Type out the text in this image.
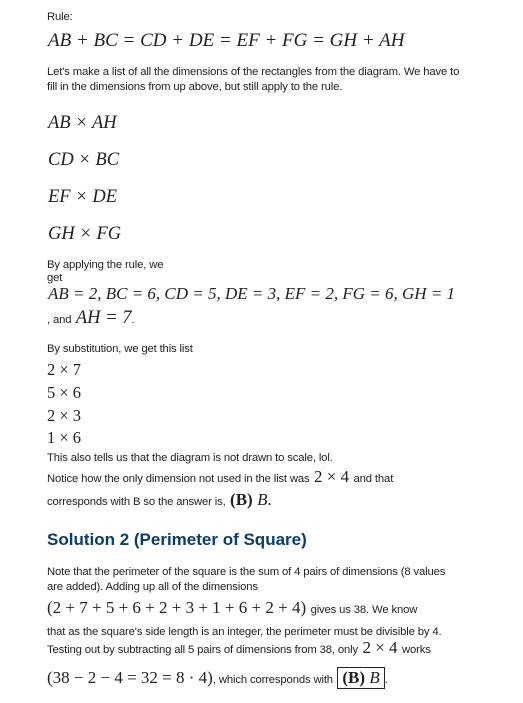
Rule:
AB + BC = CD + DE = EF + FG = GH + AH
Let's make a list of all the dimensions of the rectangles from the diagram. We have to fill in the dimensions from up above, but still apply to the rule.
AB × AH
CD × BC
EF × DE
GH × FG
By applying the rule, we
get
AB = 2, BC = 6, CD = 5, DE = 3, EF = 2, FG = 6, GH = 1
, and AH = 7.
By substitution, we get this list
2 × 7
5 × 6
2 × 3
1 × 6
This also tells us that the diagram is not drawn to scale, lol.
Notice how the only dimension not used in the list was 2 × 4 and that
corresponds with B so the answer is, (B) B.
Solution 2 (Perimeter of Square)
Note that the perimeter of the square is the sum of 4 pairs of dimensions (8 values are added). Adding up all of the dimensions
(2 + 7 + 5 + 6 + 2 + 3 + 1 + 6 + 2 + 4) gives us 38. We know
that as the square's side length is an integer, the perimeter must be divisible by 4.
Testing out by subtracting all 5 pairs of dimensions from 38, only 2 × 4 works
(38 − 2 − 4 = 32 = 8 · 4), which corresponds with (B) B .
